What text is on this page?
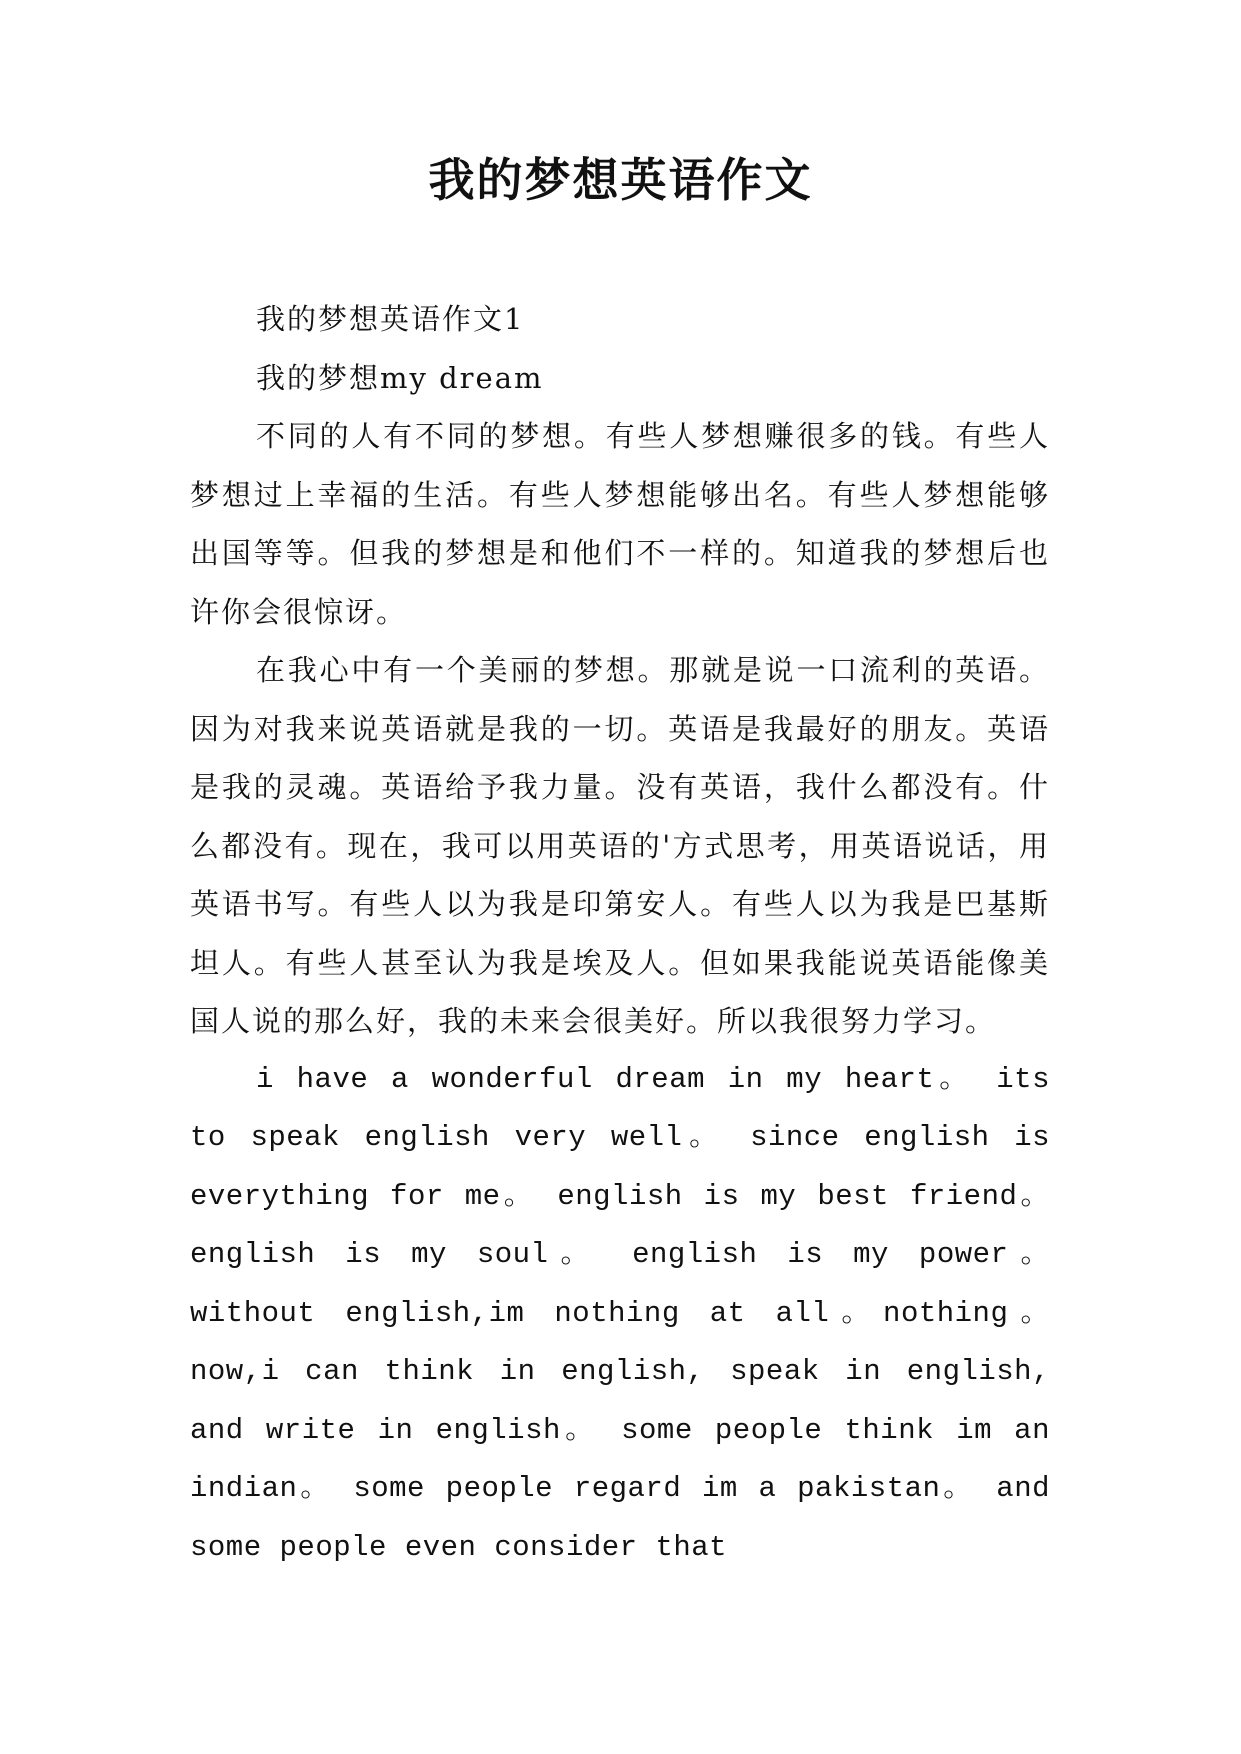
我的梦想英语作文

我的梦想英语作文1

我的梦想my dream

不同的人有不同的梦想。有些人梦想赚很多的钱。有些人梦想过上幸福的生活。有些人梦想能够出名。有些人梦想能够出国等等。但我的梦想是和他们不一样的。知道我的梦想后也许你会很惊讶。

在我心中有一个美丽的梦想。那就是说一口流利的英语。因为对我来说英语就是我的一切。英语是我最好的朋友。英语是我的灵魂。英语给予我力量。没有英语，我什么都没有。什么都没有。现在，我可以用英语的'方式思考，用英语说话，用英语书写。有些人以为我是印第安人。有些人以为我是巴基斯坦人。有些人甚至认为我是埃及人。但如果我能说英语能像美国人说的那么好，我的未来会很美好。所以我很努力学习。

i have a wonderful dream in my heart。 its to speak english very well。 since english is everything for me。 english is my best friend。 english is my soul。 english is my power。 without english,im nothing at all。nothing。now,i can think in english, speak in english, and write in english。 some people think im an indian。 some people regard im a pakistan。 and some people even consider that
